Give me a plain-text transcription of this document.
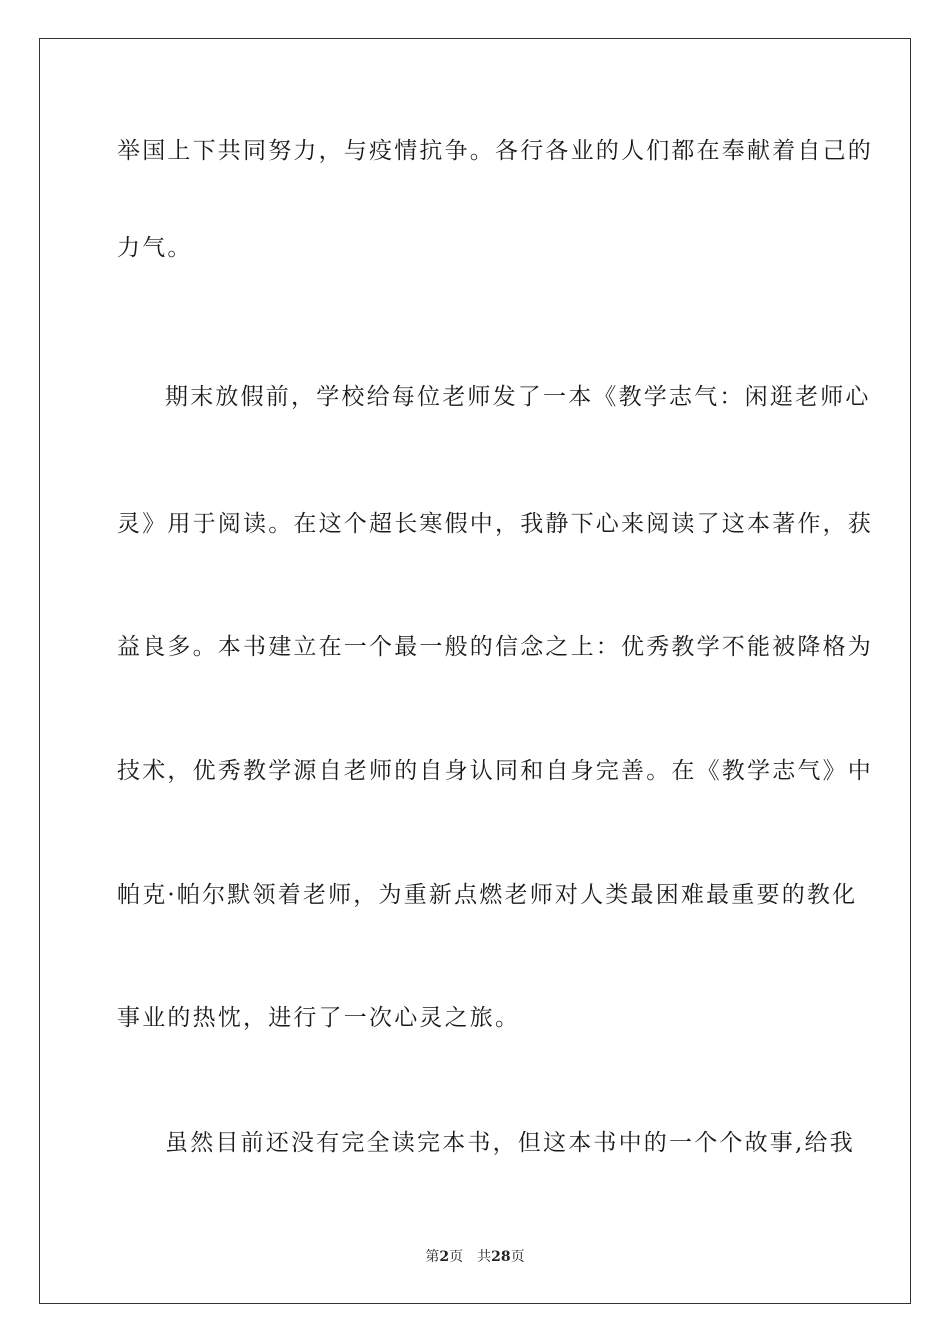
举国上下共同努力，与疫情抗争。各行各业的人们都在奉献着自己的
力气。
期末放假前，学校给每位老师发了一本《教学志气：闲逛老师心
灵》用于阅读。在这个超长寒假中，我静下心来阅读了这本著作，获
益良多。本书建立在一个最一般的信念之上：优秀教学不能被降格为
技术，优秀教学源自老师的自身认同和自身完善。在《教学志气》中
帕克·帕尔默领着老师，为重新点燃老师对人类最困难最重要的教化
事业的热忱，进行了一次心灵之旅。
虽然目前还没有完全读完本书，但这本书中的一个个故事,给我
第2页 共28页
